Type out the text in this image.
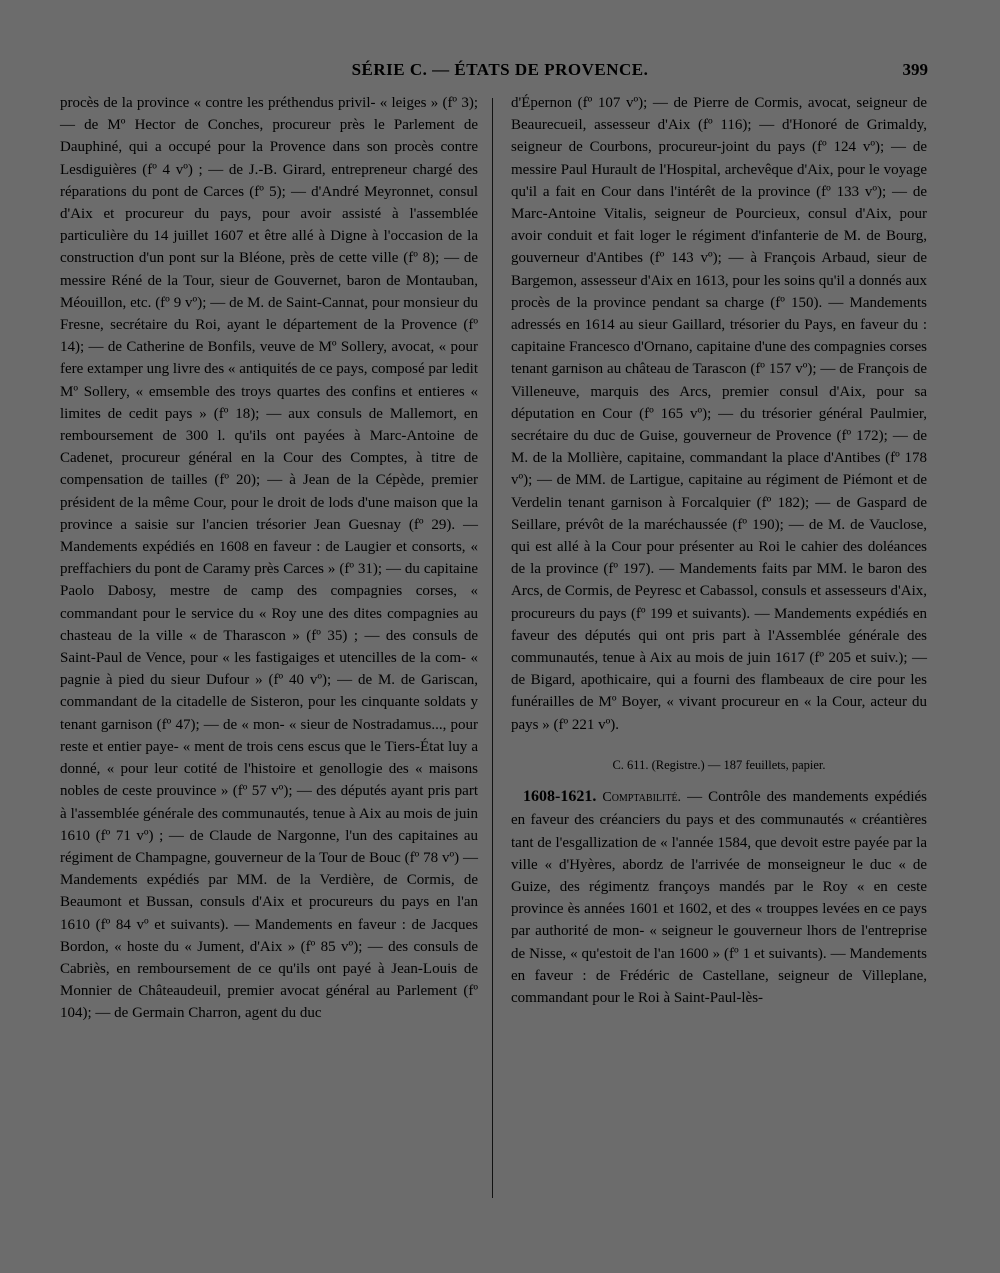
SÉRIE C. — ÉTATS DE PROVENCE.	399

procès de la province « contre les préthendus privil- « leiges » (fº 3); — de Mº Hector de Conches, procureur près le Parlement de Dauphiné, qui a occupé pour la Provence dans son procès contre Lesdiguières (fº 4 vº) ; — de J.-B. Girard, entrepreneur chargé des réparations du pont de Carces (fº 5); — d'André Meyronnet, consul d'Aix et procureur du pays, pour avoir assisté à l'assemblée particulière du 14 juillet 1607 et être allé à Digne à l'occasion de la construction d'un pont sur la Bléone, près de cette ville (fº 8); — de messire Réné de la Tour, sieur de Gouvernet, baron de Montauban, Méouillon, etc. (fº 9 vº); — de M. de Saint-Cannat, pour monsieur du Fresne, secrétaire du Roi, ayant le département de la Provence (fº 14); — de Catherine de Bonfils, veuve de Mº Sollery, avocat, « pour fere extamper ung livre des « antiquités de ce pays, composé par ledit Mº Sollery, « emsemble des troys quartes des confins et entieres « limites de cedit pays » (fº 18); — aux consuls de Mallemort, en remboursement de 300 l. qu'ils ont payées à Marc-Antoine de Cadenet, procureur général en la Cour des Comptes, à titre de compensation de tailles (fº 20); — à Jean de la Cépède, premier président de la même Cour, pour le droit de lods d'une maison que la province a saisie sur l'ancien trésorier Jean Guesnay (fº 29). — Mandements expédiés en 1608 en faveur : de Laugier et consorts, « preffachiers du pont de Caramy près Carces » (fº 31); — du capitaine Paolo Dabosy, mestre de camp des compagnies corses, « commandant pour le service du « Roy une des dites compagnies au chasteau de la ville « de Tharascon » (fº 35) ; — des consuls de Saint-Paul de Vence, pour « les fastigaiges et utencilles de la com- « pagnie à pied du sieur Dufour » (fº 40 vº); — de M. de Gariscan, commandant de la citadelle de Sisteron, pour les cinquante soldats y tenant garnison (fº 47); — de « mon- « sieur de Nostradamus..., pour reste et entier paye- « ment de trois cens escus que le Tiers-État luy a donné, « pour leur cotité de l'histoire et genollogie des « maisons nobles de ceste prouvince » (fº 57 vº); — des députés ayant pris part à l'assemblée générale des communautés, tenue à Aix au mois de juin 1610 (fº 71 vº) ; — de Claude de Nargonne, l'un des capitaines au régiment de Champagne, gouverneur de la Tour de Bouc (fº 78 vº) — Mandements expédiés par MM. de la Verdière, de Cormis, de Beaumont et Bussan, consuls d'Aix et procureurs du pays en l'an 1610 (fº 84 vº et suivants). — Mandements en faveur : de Jacques Bordon, « hoste du « Jument, d'Aix » (fº 85 vº); — des consuls de Cabriès, en remboursement de ce qu'ils ont payé à Jean-Louis de Monnier de Châteaudeuil, premier avocat général au Parlement (fº 104); — de Germain Charron, agent du duc

d'Épernon (fº 107 vº); — de Pierre de Cormis, avocat, seigneur de Beaurecueil, assesseur d'Aix (fº 116); — d'Honoré de Grimaldy, seigneur de Courbons, procureur-joint du pays (fº 124 vº); — de messire Paul Hurault de l'Hospital, archevêque d'Aix, pour le voyage qu'il a fait en Cour dans l'intérêt de la province (fº 133 vº); — de Marc-Antoine Vitalis, seigneur de Pourcieux, consul d'Aix, pour avoir conduit et fait loger le régiment d'infanterie de M. de Bourg, gouverneur d'Antibes (fº 143 vº); — à François Arbaud, sieur de Bargemon, assesseur d'Aix en 1613, pour les soins qu'il a donnés aux procès de la province pendant sa charge (fº 150). — Mandements adressés en 1614 au sieur Gaillard, trésorier du Pays, en faveur du : capitaine Francesco d'Ornano, capitaine d'une des compagnies corses tenant garnison au château de Tarascon (fº 157 vº); — de François de Villeneuve, marquis des Arcs, premier consul d'Aix, pour sa députation en Cour (fº 165 vº); — du trésorier général Paulmier, secrétaire du duc de Guise, gouverneur de Provence (fº 172); — de M. de la Mollière, capitaine, commandant la place d'Antibes (fº 178 vº); — de MM. de Lartigue, capitaine au régiment de Piémont et de Verdelin tenant garnison à Forcalquier (fº 182); — de Gaspard de Seillare, prévôt de la maréchaussée (fº 190); — de M. de Vauclose, qui est allé à la Cour pour présenter au Roi le cahier des doléances de la province (fº 197). — Mandements faits par MM. le baron des Arcs, de Cormis, de Peyresc et Cabassol, consuls et assesseurs d'Aix, procureurs du pays (fº 199 et suivants). — Mandements expédiés en faveur des députés qui ont pris part à l'Assemblée générale des communautés, tenue à Aix au mois de juin 1617 (fº 205 et suiv.); — de Bigard, apothicaire, qui a fourni des flambeaux de cire pour les funérailles de Mº Boyer, « vivant procureur en « la Cour, acteur du pays » (fº 221 vº).

C. 611. (Registre.) — 187 feuillets, papier.

1608-1621. Comptabilité. — Contrôle des mandements expédiés en faveur des créanciers du pays et des communautés « créantières tant de l'esgallization de « l'année 1584, que devoit estre payée par la ville « d'Hyères, abordz de l'arrivée de monseigneur le duc « de Guize, des régimentz françoys mandés par le Roy « en ceste province ès années 1601 et 1602, et des « trouppes levées en ce pays par authorité de mon- « seigneur le gouverneur lhors de l'entreprise de Nisse, « qu'estoit de l'an 1600 » (fº 1 et suivants). — Mandements en faveur : de Frédéric de Castellane, seigneur de Villeplane, commandant pour le Roi à Saint-Paul-lès-
